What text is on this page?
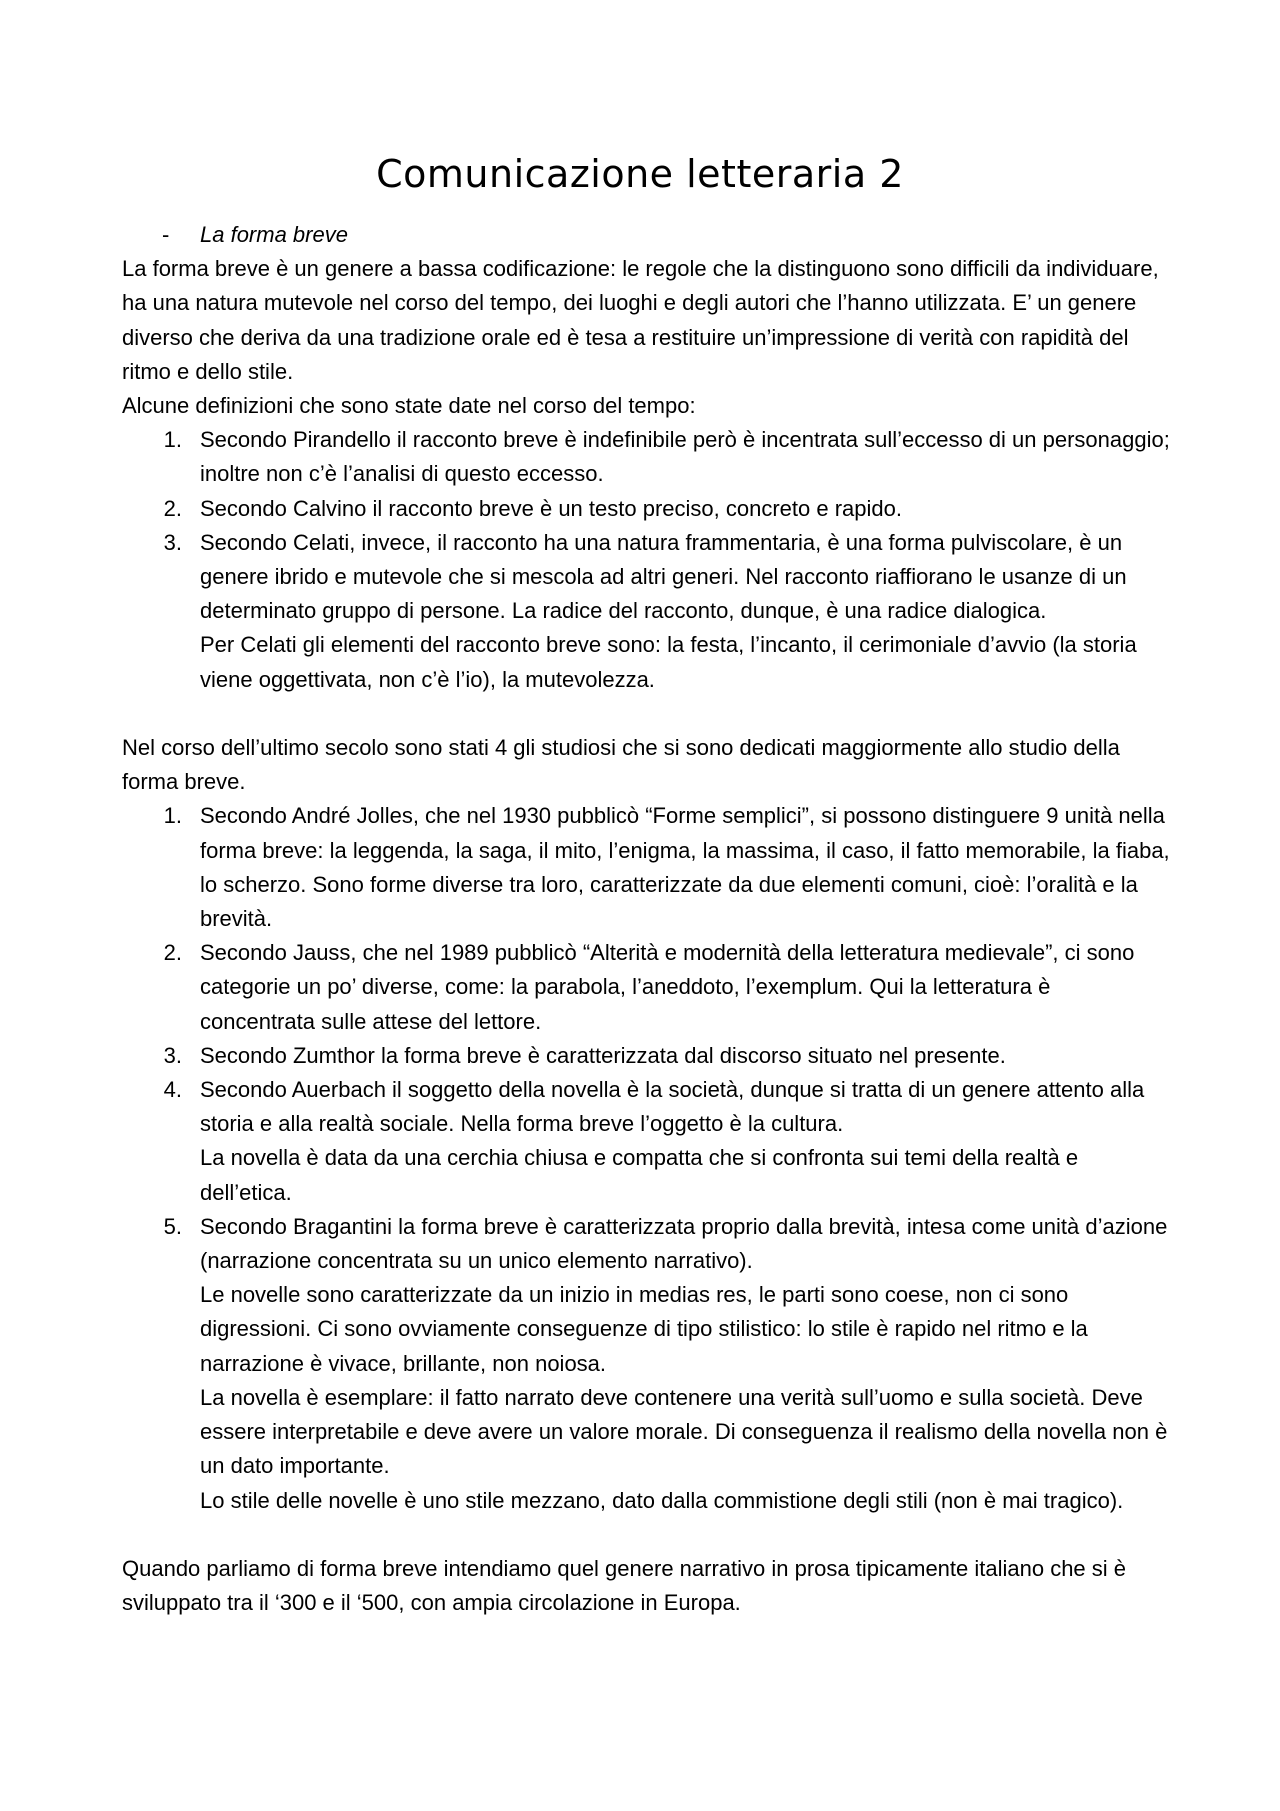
Comunicazione letteraria 2
-	La forma breve

La forma breve è un genere a bassa codificazione: le regole che la distinguono sono difficili da individuare, ha una natura mutevole nel corso del tempo, dei luoghi e degli autori che l’hanno utilizzata. E’ un genere diverso che deriva da una tradizione orale ed è tesa a restituire un’impressione di verità con rapidità del ritmo e dello stile.

Alcune definizioni che sono state date nel corso del tempo:

1. Secondo Pirandello il racconto breve è indefinibile però è incentrata sull’eccesso di un personaggio; inoltre non c’è l’analisi di questo eccesso.

2. Secondo Calvino il racconto breve è un testo preciso, concreto e rapido.

3. Secondo Celati, invece, il racconto ha una natura frammentaria, è una forma pulviscolare, è un genere ibrido e mutevole che si mescola ad altri generi. Nel racconto riaffiorano le usanze di un determinato gruppo di persone. La radice del racconto, dunque, è una radice dialogica.

Per Celati gli elementi del racconto breve sono: la festa, l’incanto, il cerimoniale d’avvio (la storia viene oggettivata, non c’è l’io), la mutevolezza.

Nel corso dell’ultimo secolo sono stati 4 gli studiosi che si sono dedicati maggiormente allo studio della forma breve.

1. Secondo André Jolles, che nel 1930 pubblicò “Forme semplici”, si possono distinguere 9 unità nella forma breve: la leggenda, la saga, il mito, l’enigma, la massima, il caso, il fatto memorabile, la fiaba, lo scherzo. Sono forme diverse tra loro, caratterizzate da due elementi comuni, cioè: l’oralità e la brevità.

2. Secondo Jauss, che nel 1989 pubblicò “Alterità e modernità della letteratura medievale”, ci sono categorie un po’ diverse, come: la parabola, l’aneddoto, l’exemplum. Qui la letteratura è concentrata sulle attese del lettore.

3. Secondo Zumthor la forma breve è caratterizzata dal discorso situato nel presente.

4. Secondo Auerbach il soggetto della novella è la società, dunque si tratta di un genere attento alla storia e alla realtà sociale. Nella forma breve l’oggetto è la cultura.

La novella è data da una cerchia chiusa e compatta che si confronta sui temi della realtà e dell’etica.

5. Secondo Bragantini la forma breve è caratterizzata proprio dalla brevità, intesa come unità d’azione (narrazione concentrata su un unico elemento narrativo).

Le novelle sono caratterizzate da un inizio in medias res, le parti sono coese, non ci sono digressioni. Ci sono ovviamente conseguenze di tipo stilistico: lo stile è rapido nel ritmo e la narrazione è vivace, brillante, non noiosa.

La novella è esemplare: il fatto narrato deve contenere una verità sull’uomo e sulla società. Deve essere interpretabile e deve avere un valore morale. Di conseguenza il realismo della novella non è un dato importante.

Lo stile delle novelle è uno stile mezzano, dato dalla commistione degli stili (non è mai tragico).

Quando parliamo di forma breve intendiamo quel genere narrativo in prosa tipicamente italiano che si è sviluppato tra il ‘300 e il ‘500, con ampia circolazione in Europa.
